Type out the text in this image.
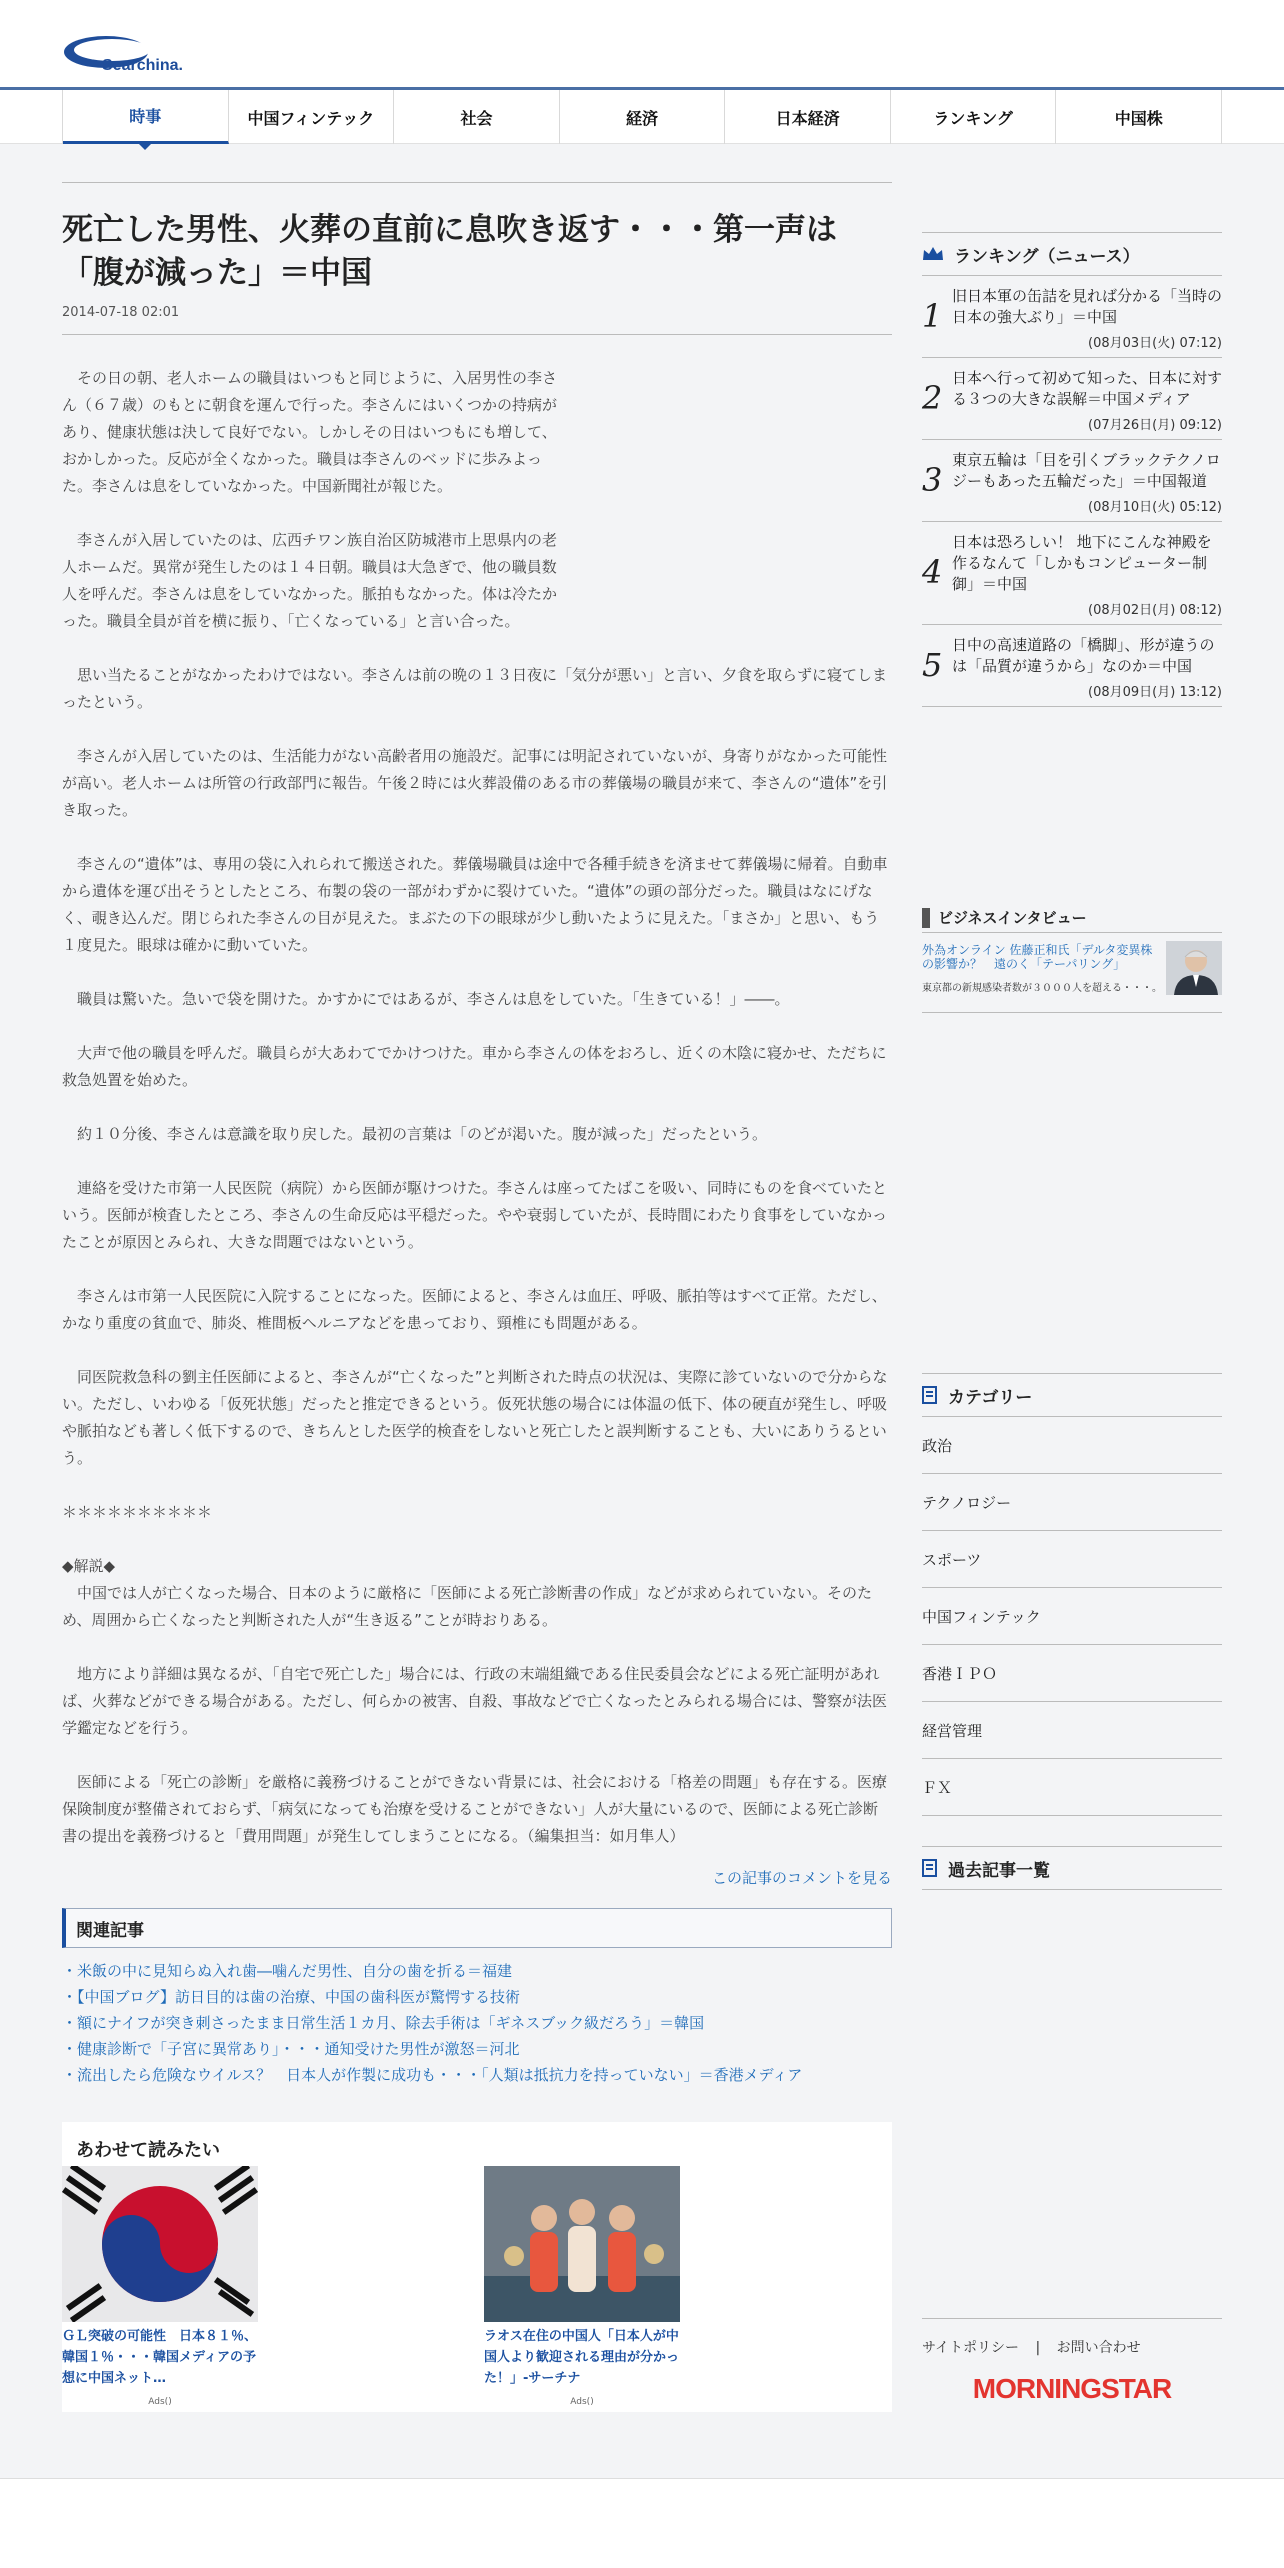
Searchina.
時事	中国フィンテック	社会	経済	日本経済	ランキング	中国株
死亡した男性、火葬の直前に息吹き返す・・・第一声は「腹が減った」＝中国
2014-07-18 02:01

　その日の朝、老人ホームの職員はいつもと同じように、入居男性の李さん（６７歳）のもとに朝食を運んで行った。李さんにはいくつかの持病があり、健康状態は決して良好でない。しかしその日はいつもにも増して、おかしかった。反応が全くなかった。職員は李さんのベッドに歩みよった。李さんは息をしていなかった。中国新聞社が報じた。

　李さんが入居していたのは、広西チワン族自治区防城港市上思県内の老人ホームだ。異常が発生したのは１４日朝。職員は大急ぎで、他の職員数人を呼んだ。李さんは息をしていなかった。脈拍もなかった。体は冷たかった。職員全員が首を横に振り、「亡くなっている」と言い合った。

　思い当たることがなかったわけではない。李さんは前の晩の１３日夜に「気分が悪い」と言い、夕食を取らずに寝てしまったという。

　李さんが入居していたのは、生活能力がない高齢者用の施設だ。記事には明記されていないが、身寄りがなかった可能性が高い。老人ホームは所管の行政部門に報告。午後２時には火葬設備のある市の葬儀場の職員が来て、李さんの“遺体”を引き取った。

　李さんの“遺体”は、専用の袋に入れられて搬送された。葬儀場職員は途中で各種手続きを済ませて葬儀場に帰着。自動車から遺体を運び出そうとしたところ、布製の袋の一部がわずかに裂けていた。“遺体”の頭の部分だった。職員はなにげなく、覗き込んだ。閉じられた李さんの目が見えた。まぶたの下の眼球が少し動いたように見えた。「まさか」と思い、もう１度見た。眼球は確かに動いていた。

　職員は驚いた。急いで袋を開けた。かすかにではあるが、李さんは息をしていた。「生きている！」――。

　大声で他の職員を呼んだ。職員らが大あわてでかけつけた。車から李さんの体をおろし、近くの木陰に寝かせ、ただちに救急処置を始めた。

　約１０分後、李さんは意識を取り戻した。最初の言葉は「のどが渇いた。腹が減った」だったという。

　連絡を受けた市第一人民医院（病院）から医師が駆けつけた。李さんは座ってたばこを吸い、同時にものを食べていたという。医師が検査したところ、李さんの生命反応は平穏だった。やや衰弱していたが、長時間にわたり食事をしていなかったことが原因とみられ、大きな問題ではないという。

　李さんは市第一人民医院に入院することになった。医師によると、李さんは血圧、呼吸、脈拍等はすべて正常。ただし、かなり重度の貧血で、肺炎、椎間板ヘルニアなどを患っており、頸椎にも問題がある。

　同医院救急科の劉主任医師によると、李さんが“亡くなった”と判断された時点の状況は、実際に診ていないので分からない。ただし、いわゆる「仮死状態」だったと推定できるという。仮死状態の場合には体温の低下、体の硬直が発生し、呼吸や脈拍なども著しく低下するので、きちんとした医学的検査をしないと死亡したと誤判断することも、大いにありうるという。

＊＊＊＊＊＊＊＊＊＊

◆解説◆
　中国では人が亡くなった場合、日本のように厳格に「医師による死亡診断書の作成」などが求められていない。そのため、周囲から亡くなったと判断された人が“生き返る”ことが時おりある。

　地方により詳細は異なるが、「自宅で死亡した」場合には、行政の末端組織である住民委員会などによる死亡証明があれば、火葬などができる場合がある。ただし、何らかの被害、自殺、事故などで亡くなったとみられる場合には、警察が法医学鑑定などを行う。

　医師による「死亡の診断」を厳格に義務づけることができない背景には、社会における「格差の問題」も存在する。医療保険制度が整備されておらず、「病気になっても治療を受けることができない」人が大量にいるので、医師による死亡診断書の提出を義務づけると「費用問題」が発生してしまうことになる。（編集担当：如月隼人）

この記事のコメントを見る
関連記事
・米飯の中に見知らぬ入れ歯―噛んだ男性、自分の歯を折る＝福建
・【中国ブログ】訪日目的は歯の治療、中国の歯科医が驚愕する技術
・額にナイフが突き刺さったまま日常生活１カ月、除去手術は「ギネスブック級だろう」＝韓国
・健康診断で「子宮に異常あり」・・・通知受けた男性が激怒＝河北
・流出したら危険なウイルス？　日本人が作製に成功も・・・「人類は抵抗力を持っていない」＝香港メディア
あわせて読みたい
ＧＬ突破の可能性　日本８１％、韓国１％・・・韓国メディアの予想に中国ネット…
Ads()
ラオス在住の中国人「日本人が中国人より歓迎される理由が分かった！」-サーチナ
Ads()
ランキング（ニュース）
1
旧日本軍の缶詰を見れば分かる「当時の日本の強大ぶり」＝中国
(08月03日(火) 07:12)
2
日本へ行って初めて知った、日本に対する３つの大きな誤解＝中国メディア
(07月26日(月) 09:12)
3
東京五輪は「目を引くブラックテクノロジーもあった五輪だった」＝中国報道
(08月10日(火) 05:12)
4
日本は恐ろしい！ 地下にこんな神殿を作るなんて「しかもコンピューター制御」＝中国
(08月02日(月) 08:12)
5
日中の高速道路の「橋脚」、形が違うのは「品質が違うから」なのか＝中国
(08月09日(月) 13:12)
ビジネスインタビュー
外為オンライン 佐藤正和氏「デルタ変異株の影響か？　遠のく「テーパリング」
東京都の新規感染者数が３０００人を超える・・・。
カテゴリー
政治
テクノロジー
スポーツ
中国フィンテック
香港ＩＰＯ
経営管理
ＦＸ
過去記事一覧
サイトポリシー | お問い合わせ
MORNINGSTAR
